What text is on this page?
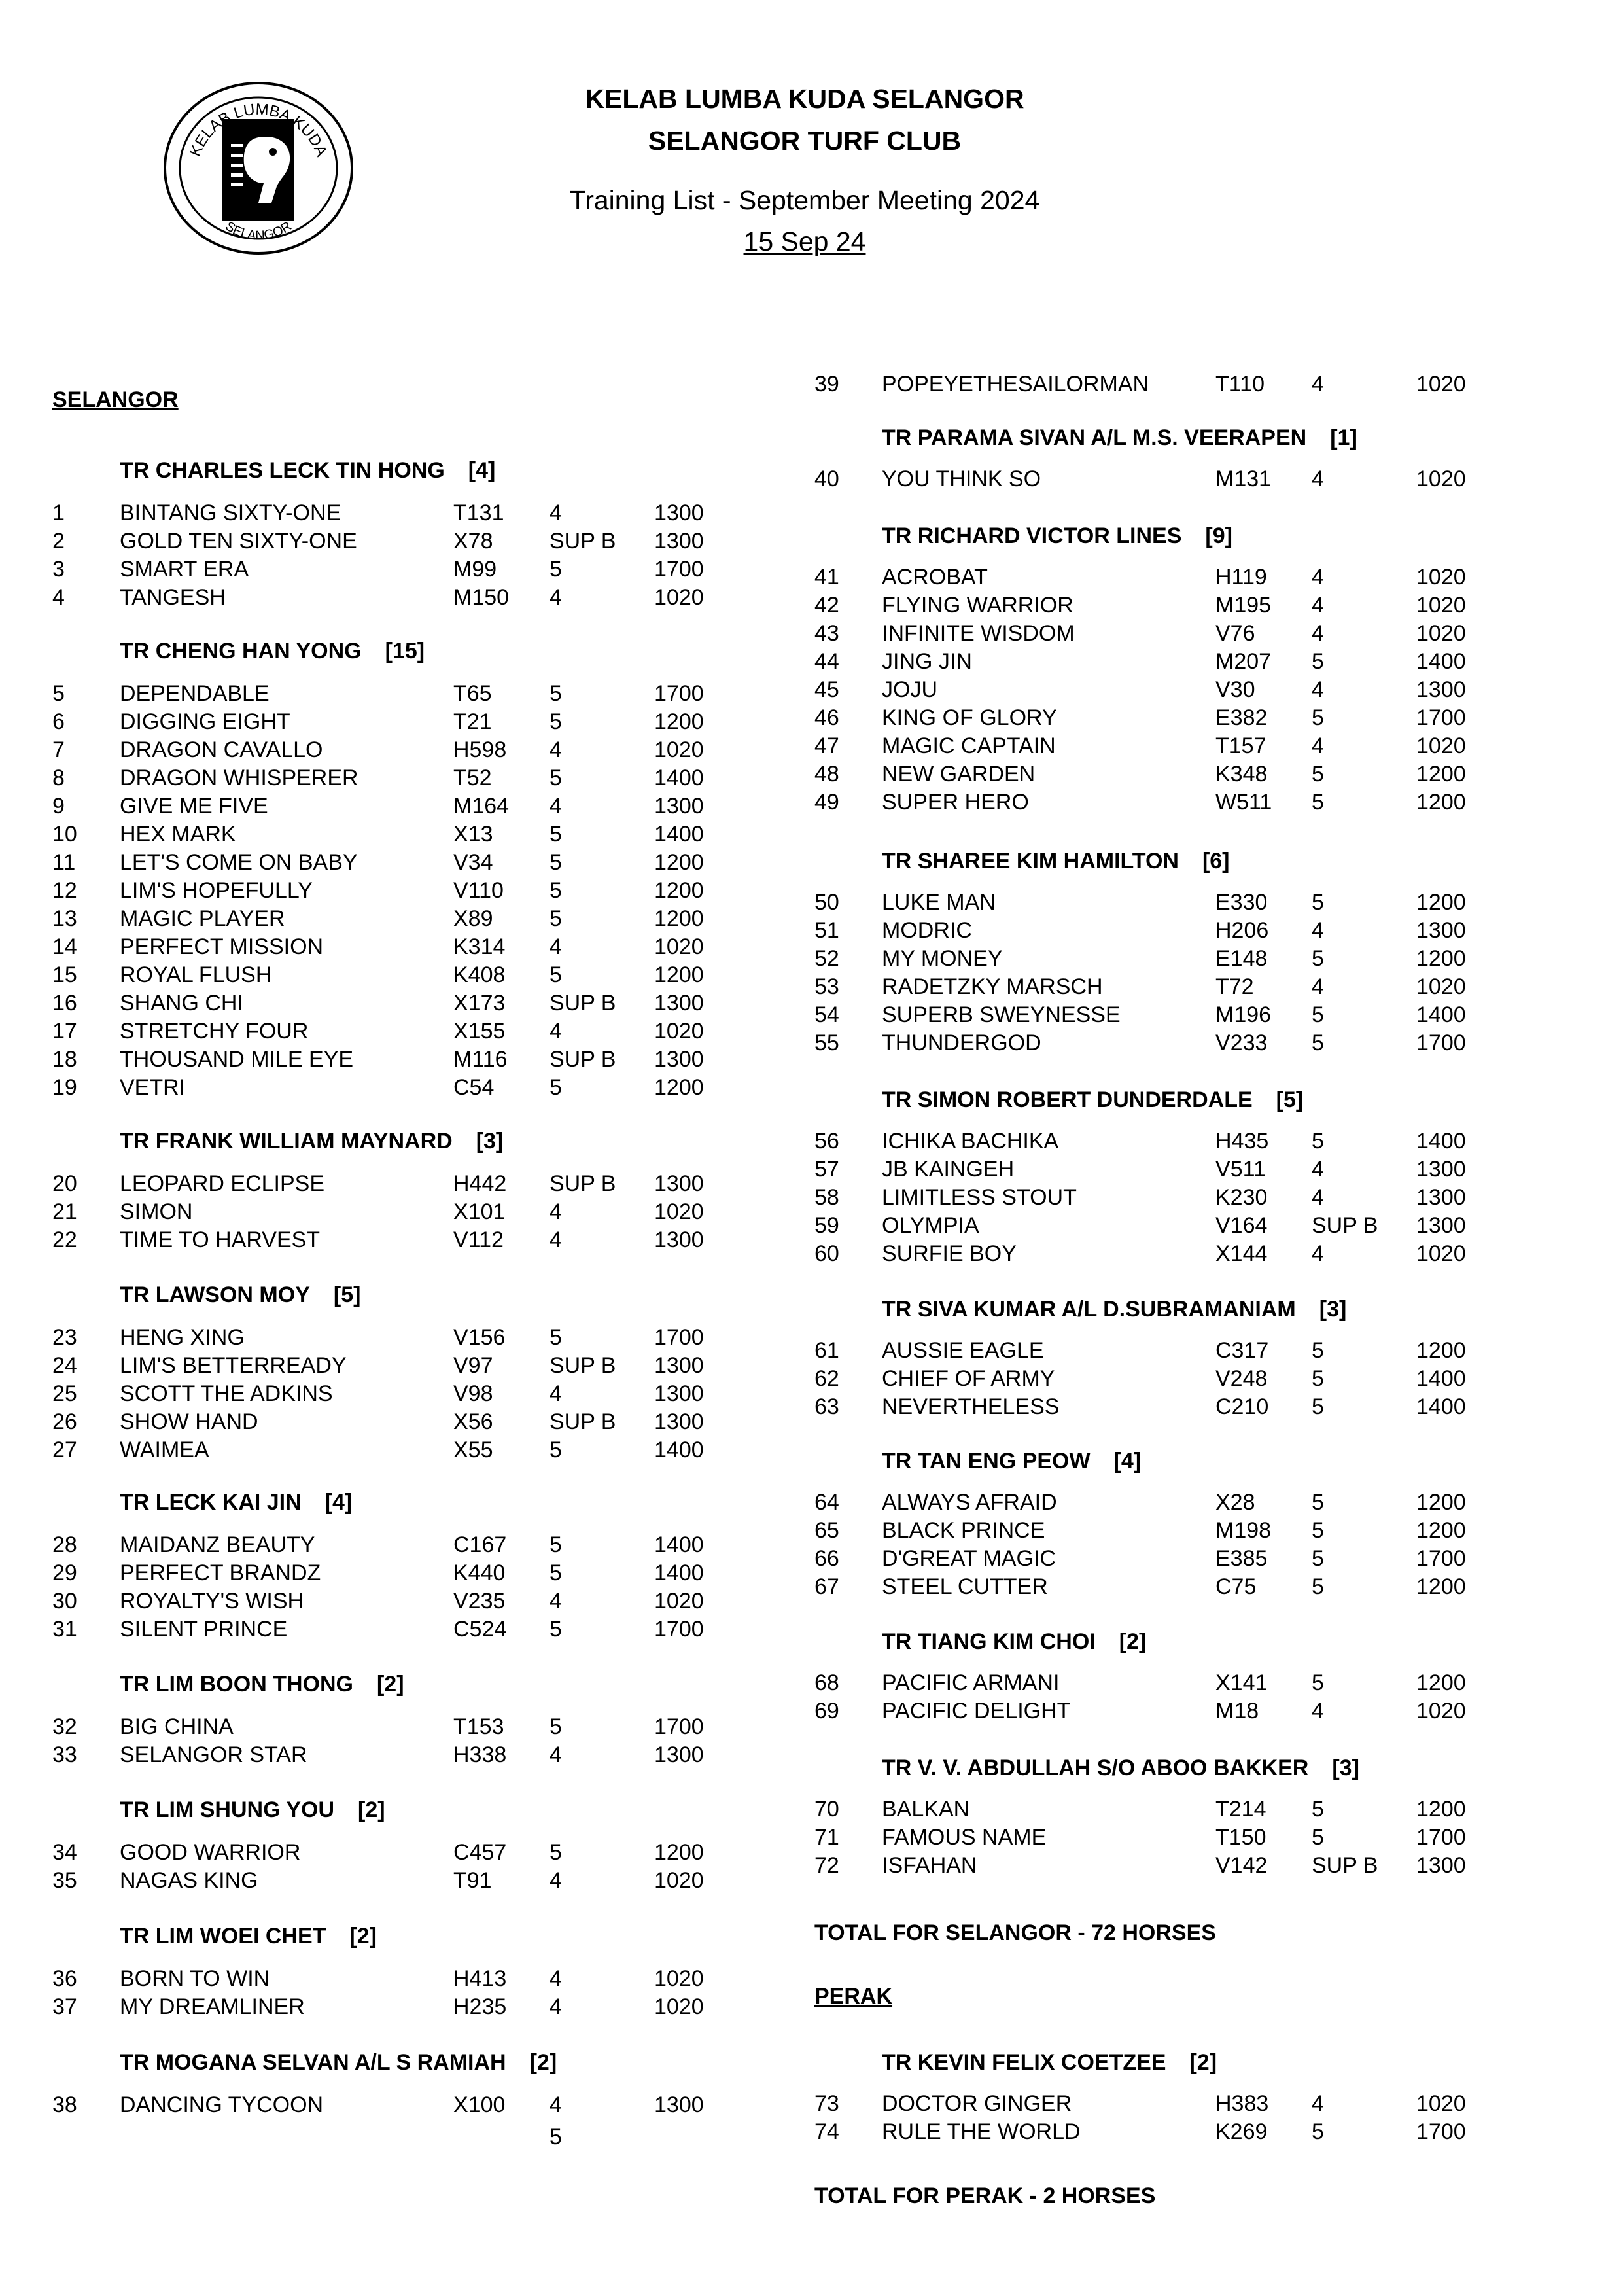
KELAB LUMBA KUDA
SELANGOR
KELAB LUMBA KUDA SELANGOR
SELANGOR TURF CLUB
Training List - September Meeting 2024
15 Sep 24
SELANGOR
TR CHARLES LECK TIN HONG [4]
1 BINTANG SIXTY-ONE	T131 4	1300
2 GOLD TEN SIXTY-ONE	X78	SUP B 1300
3 SMART ERA	M99 5	1700
4 TANGESH	M150 4	1020
TR CHENG HAN YONG [15]
5 DEPENDABLE	T65	5	1700
6 DIGGING EIGHT	T21	5	1200
7 DRAGON CAVALLO	H598 4	1020
8 DRAGON WHISPERER	T52	5	1400
9 GIVE ME FIVE	M164 4	1300
10 HEX MARK	X13	5	1400
11 LET'S COME ON BABY	V34	5	1200
12 LIM'S HOPEFULLY	V110 5	1200
13 MAGIC PLAYER	X89	5	1200
14 PERFECT MISSION	K314 4	1020
15 ROYAL FLUSH	K408 5	1200
16 SHANG CHI	X173 SUP B 1300
17 STRETCHY FOUR	X155 4	1020
18 THOUSAND MILE EYE	M116 SUP B 1300
19 VETRI	C54 5	1200
TR FRANK WILLIAM MAYNARD [3]
20 LEOPARD ECLIPSE	H442 SUP B 1300
21 SIMON	X101 4	1020
22 TIME TO HARVEST	V112 4	1300
TR LAWSON MOY [5]
23 HENG XING	V156 5	1700
24 LIM'S BETTERREADY	V97	SUP B 1300
25 SCOTT THE ADKINS	V98	4	1300
26 SHOW HAND	X56	SUP B 1300
27 WAIMEA	X55	5	1400
TR LECK KAI JIN [4]
28 MAIDANZ BEAUTY	C167 5	1400
29 PERFECT BRANDZ	K440 5	1400
30 ROYALTY'S WISH	V235 4	1020
31 SILENT PRINCE	C524 5	1700
TR LIM BOON THONG [2]
32 BIG CHINA	T153 5	1700
33 SELANGOR STAR	H338 4	1300
TR LIM SHUNG YOU [2]
34 GOOD WARRIOR	C457 5	1200
35 NAGAS KING	T91	4	1020
TR LIM WOEI CHET [2]
36 BORN TO WIN	H413 4	1020
37 MY DREAMLINER	H235 4	1020
TR MOGANA SELVAN A/L S RAMIAH [2]
38 DANCING TYCOON	X100 4	1300
5
39 POPEYETHESAILORMAN	T110 4	1020
TR PARAMA SIVAN A/L M.S. VEERAPEN [1]
40 YOU THINK SO	M131 4	1020
TR RICHARD VICTOR LINES [9]
41 ACROBAT	H119 4	1020
42 FLYING WARRIOR	M195 4	1020
43 INFINITE WISDOM	V76	4	1020
44 JING JIN	M207 5	1400
45 JOJU	V30	4	1300
46 KING OF GLORY	E382 5	1700
47 MAGIC CAPTAIN	T157 4	1020
48 NEW GARDEN	K348 5	1200
49 SUPER HERO	W511 5	1200
TR SHAREE KIM HAMILTON [6]
50 LUKE MAN	E330 5	1200
51 MODRIC	H206 4	1300
52 MY MONEY	E148 5	1200
53 RADETZKY MARSCH	T72	4	1020
54 SUPERB SWEYNESSE	M196 5	1400
55 THUNDERGOD	V233 5	1700
TR SIMON ROBERT DUNDERDALE [5]
56 ICHIKA BACHIKA	H435 5	1400
57 JB KAINGEH	V511 4	1300
58 LIMITLESS STOUT	K230 4	1300
59 OLYMPIA	V164 SUP B 1300
60 SURFIE BOY	X144 4	1020
TR SIVA KUMAR A/L D.SUBRAMANIAM [3]
61 AUSSIE EAGLE	C317 5	1200
62 CHIEF OF ARMY	V248 5	1400
63 NEVERTHELESS	C210 5	1400
TR TAN ENG PEOW [4]
64 ALWAYS AFRAID	X28	5	1200
65 BLACK PRINCE	M198 5	1200
66 D'GREAT MAGIC	E385 5	1700
67 STEEL CUTTER	C75 5	1200
TR TIANG KIM CHOI [2]
68 PACIFIC ARMANI	X141 5	1200
69 PACIFIC DELIGHT	M18 4	1020
TR V. V. ABDULLAH S/O ABOO BAKKER [3]
70 BALKAN	T214 5	1200
71 FAMOUS NAME	T150 5	1700
72 ISFAHAN	V142 SUP B 1300
TOTAL FOR SELANGOR - 72 HORSES
PERAK
TR KEVIN FELIX COETZEE [2]
73 DOCTOR GINGER	H383 4	1020
74 RULE THE WORLD	K269 5	1700
TOTAL FOR PERAK - 2 HORSES
